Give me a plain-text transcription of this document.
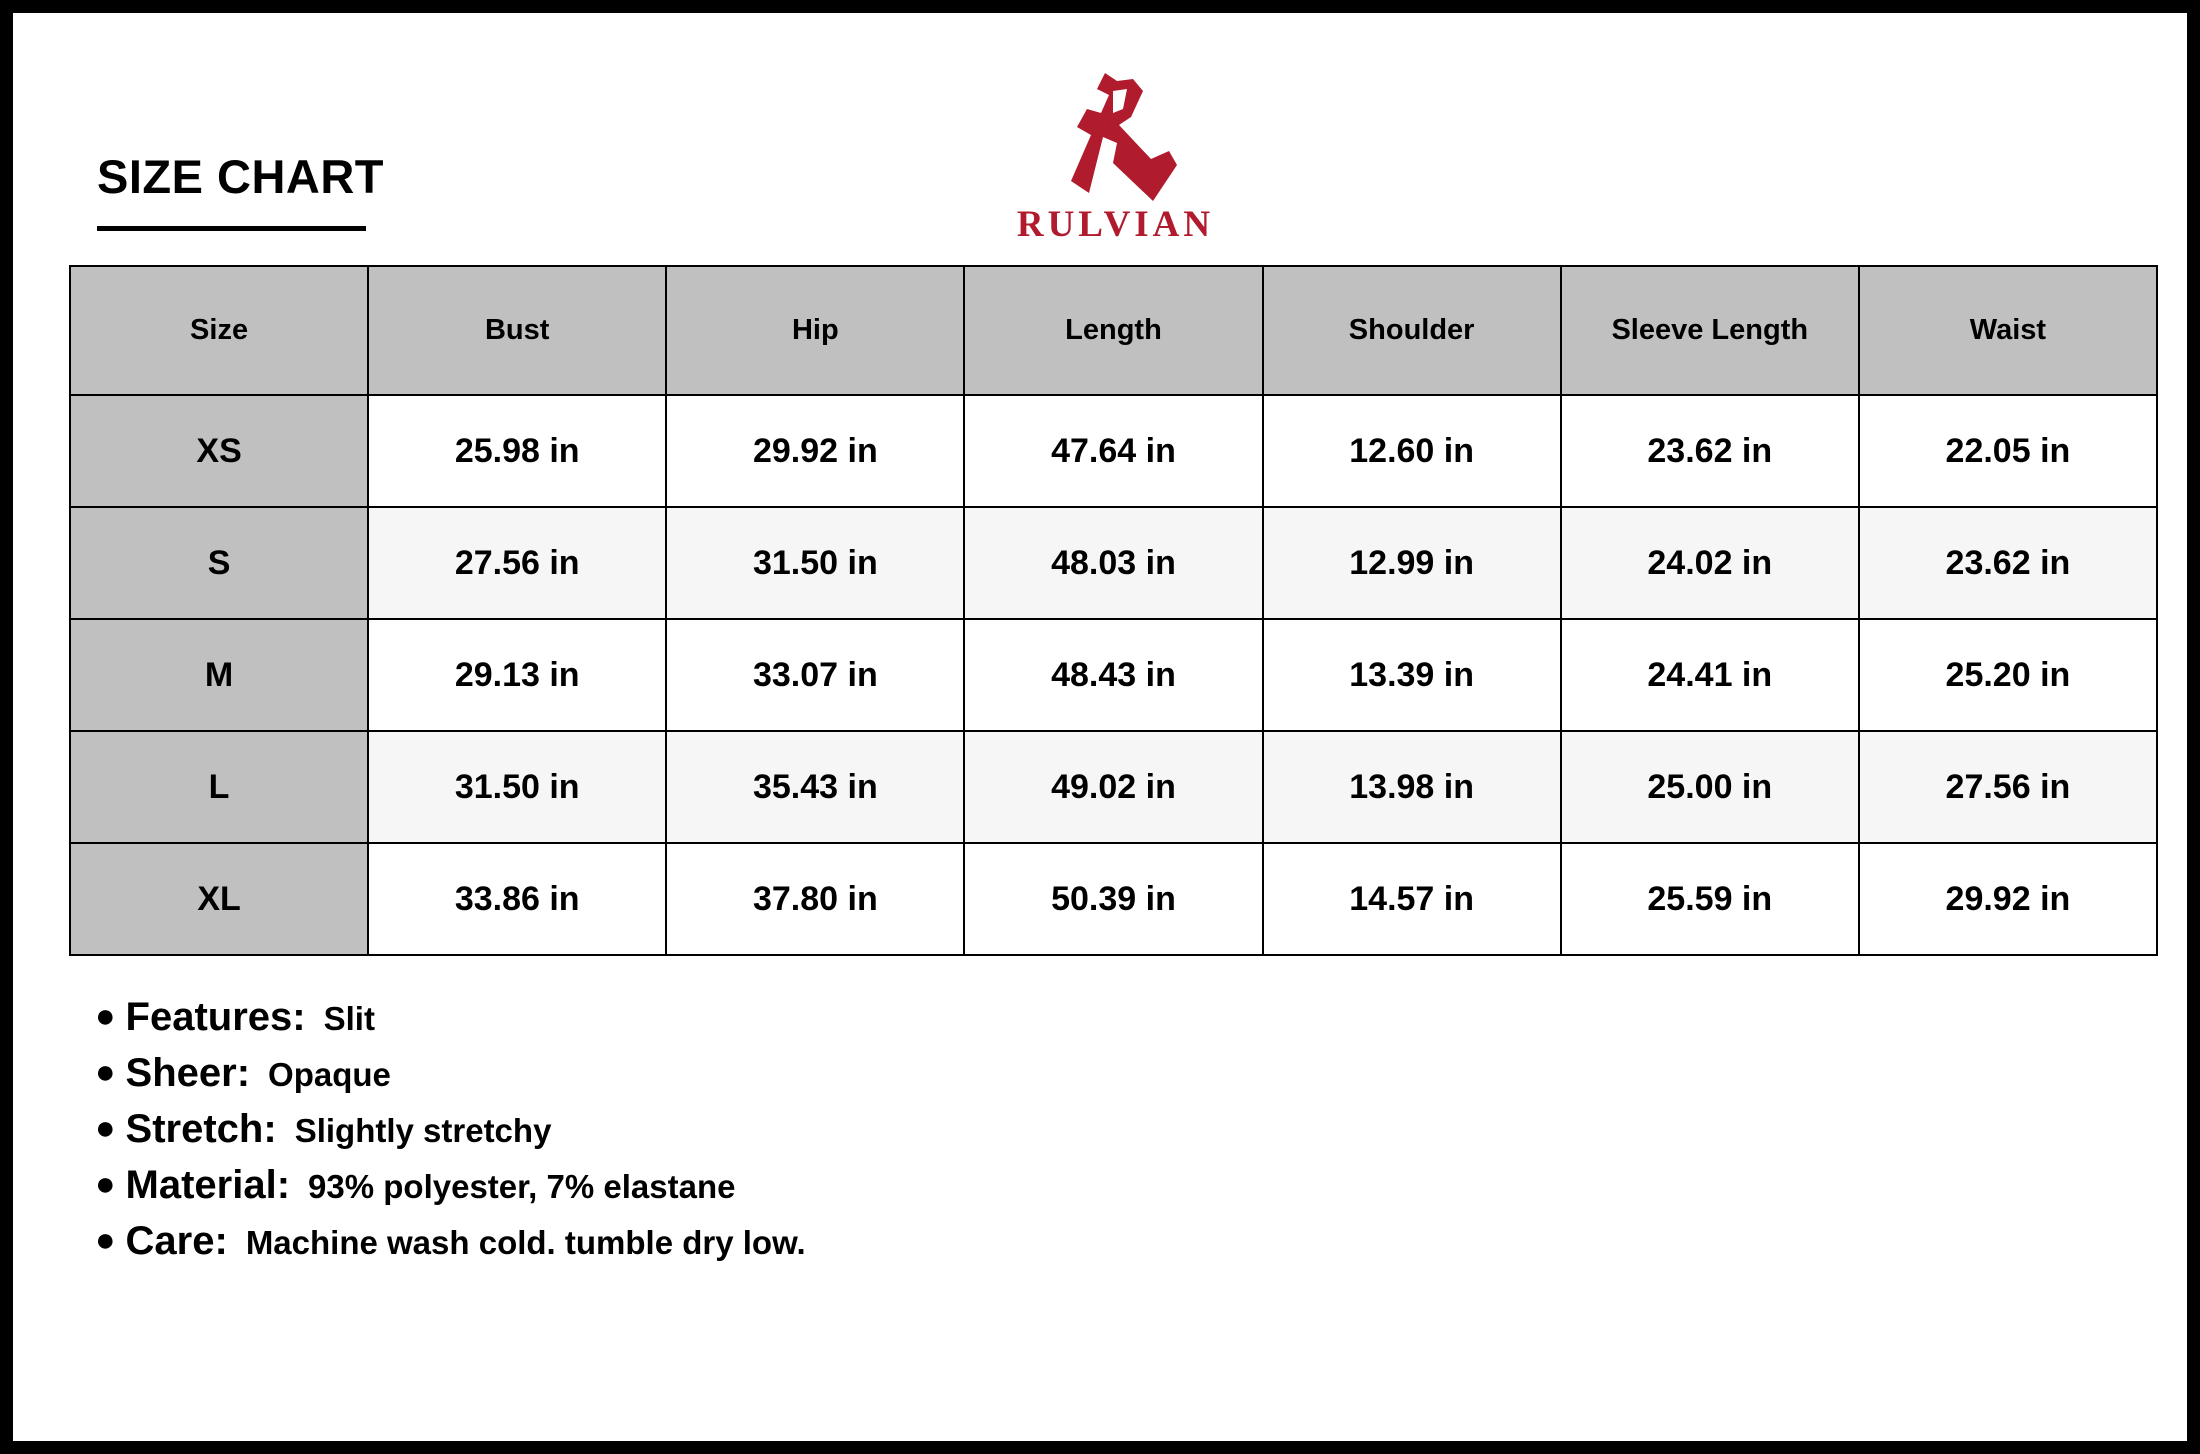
SIZE CHART
RULVIAN
Size	Bust	Hip	Length	Shoulder	Sleeve Length	Waist
XS	25.98 in	29.92 in	47.64 in	12.60 in	23.62 in	22.05 in
S	27.56 in	31.50 in	48.03 in	12.99 in	24.02 in	23.62 in
M	29.13 in	33.07 in	48.43 in	13.39 in	24.41 in	25.20 in
L	31.50 in	35.43 in	49.02 in	13.98 in	25.00 in	27.56 in
XL	33.86 in	37.80 in	50.39 in	14.57 in	25.59 in	29.92 in
● Features: Slit
● Sheer: Opaque
● Stretch: Slightly stretchy
● Material: 93% polyester, 7% elastane
● Care: Machine wash cold. tumble dry low.
